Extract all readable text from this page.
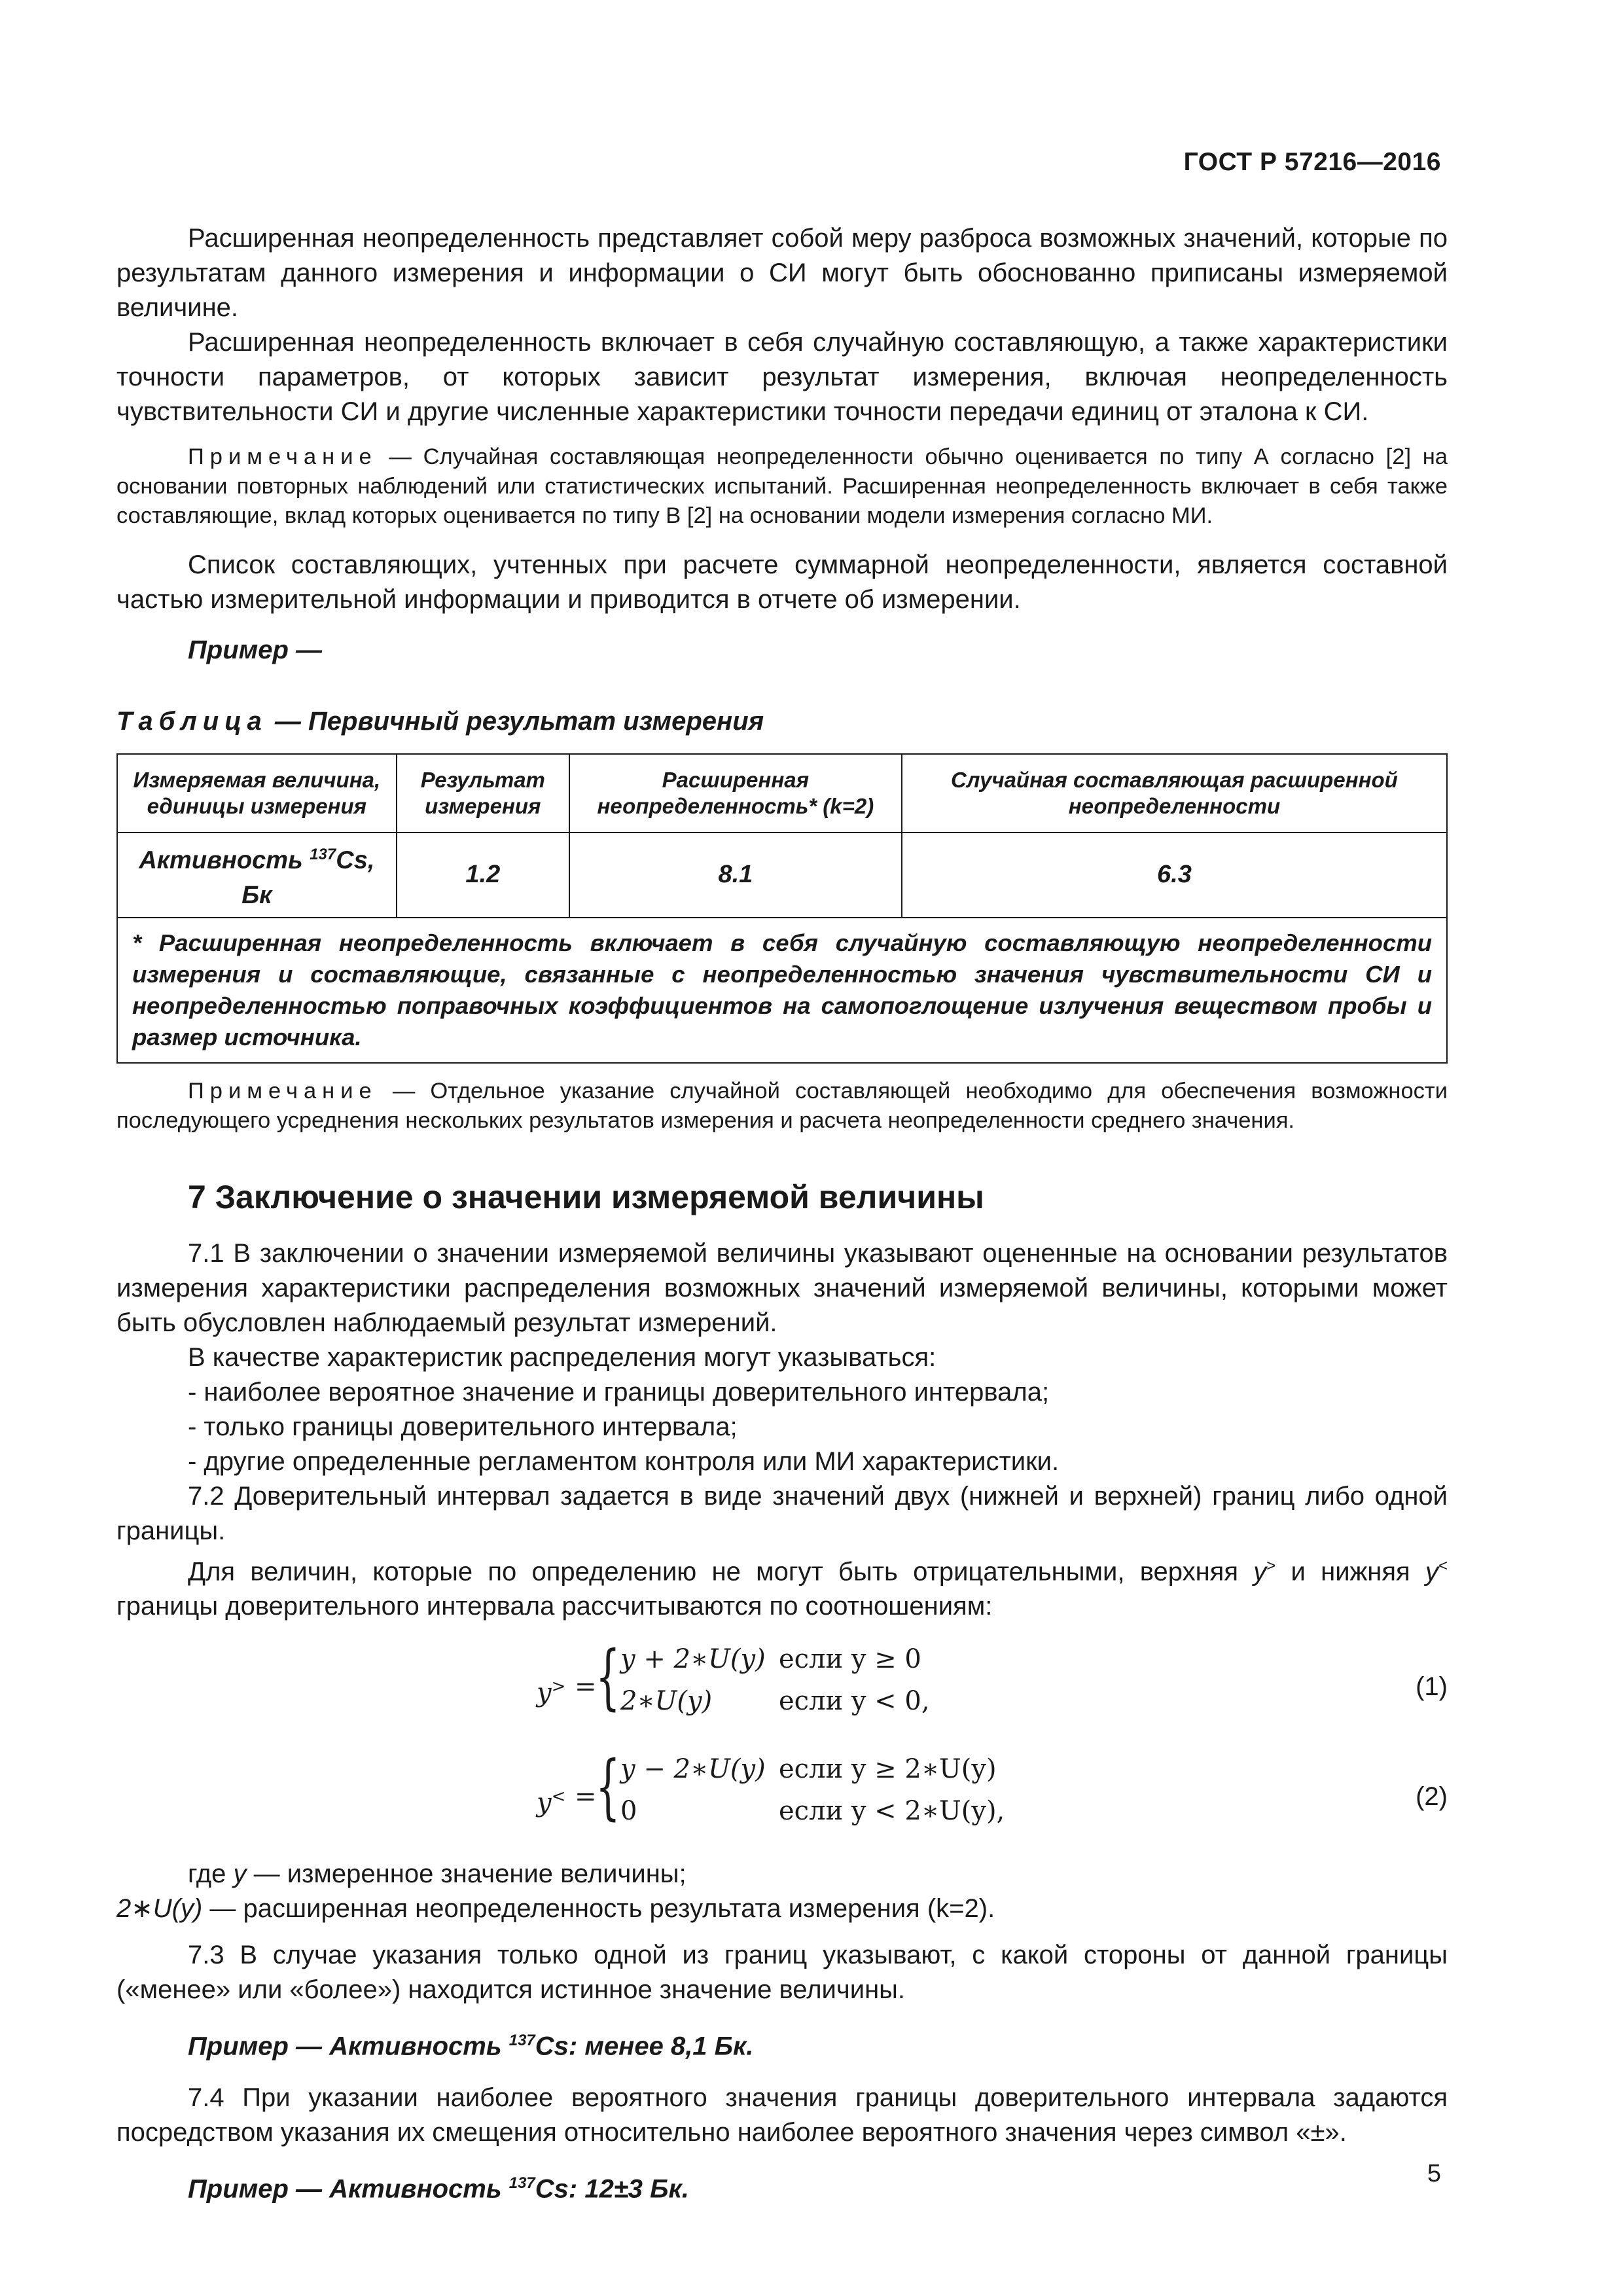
ГОСТ Р 57216—2016

Расширенная неопределенность представляет собой меру разброса возможных значений, которые по результатам данного измерения и информации о СИ могут быть обоснованно приписаны измеряемой величине.

Расширенная неопределенность включает в себя случайную составляющую, а также характеристики точности параметров, от которых зависит результат измерения, включая неопределенность чувствительности СИ и другие численные характеристики точности передачи единиц от эталона к СИ.

Примечание — Случайная составляющая неопределенности обычно оценивается по типу А согласно [2] на основании повторных наблюдений или статистических испытаний. Расширенная неопределенность включает в себя также составляющие, вклад которых оценивается по типу В [2] на основании модели измерения согласно МИ.

Список составляющих, учтенных при расчете суммарной неопределенности, является составной частью измерительной информации и приводится в отчете об измерении.

Пример —

Таблица — Первичный результат измерения

Измеряемая величина, единицы измерения	Результат измерения	Расширенная неопределенность* (k=2)	Случайная составляющая расширенной неопределенности
Активность $^{137}$Cs, Бк	1.2	8.1	6.3
* Расширенная неопределенность включает в себя случайную составляющую неопределенности измерения и составляющие, связанные с неопределенностью значения чувствительности СИ и неопределенностью поправочных коэффициентов на самопоглощение излучения веществом пробы и размер источника.			

Примечание — Отдельное указание случайной составляющей необходимо для обеспечения возможности последующего усреднения нескольких результатов измерения и расчета неопределенности среднего значения.

7 Заключение о значении измеряемой величины

7.1 В заключении о значении измеряемой величины указывают оцененные на основании результатов измерения характеристики распределения возможных значений измеряемой величины, которыми может быть обусловлен наблюдаемый результат измерений.

В качестве характеристик распределения могут указываться:

- наиболее вероятное значение и границы доверительного интервала;

- только границы доверительного интервала;

- другие определенные регламентом контроля или МИ характеристики.

7.2 Доверительный интервал задается в виде значений двух (нижней и верхней) границ либо одной границы.

Для величин, которые по определению не могут быть отрицательными, верхняя y> и нижняя y< границы доверительного интервала рассчитываются по соотношениям:

y> =
{ y + 2∗U(y) если y ≥ 0
2∗U(y)	если y < 0,	(1)
y< =
{ y − 2∗U(y) если y ≥ 2∗U(y)
0	если y < 2∗U(y),	(2)

где y — измеренное значение величины;

2∗U(y) — расширенная неопределенность результата измерения (k=2).

7.3 В случае указания только одной из границ указывают, с какой стороны от данной границы («менее» или «более») находится истинное значение величины.

Пример — Активность $^{137}$Cs: менее 8,1 Бк.

7.4 При указании наиболее вероятного значения границы доверительного интервала задаются посредством указания их смещения относительно наиболее вероятного значения через символ «±».

Пример — Активность $^{137}$Cs: 12±3 Бк.

5
